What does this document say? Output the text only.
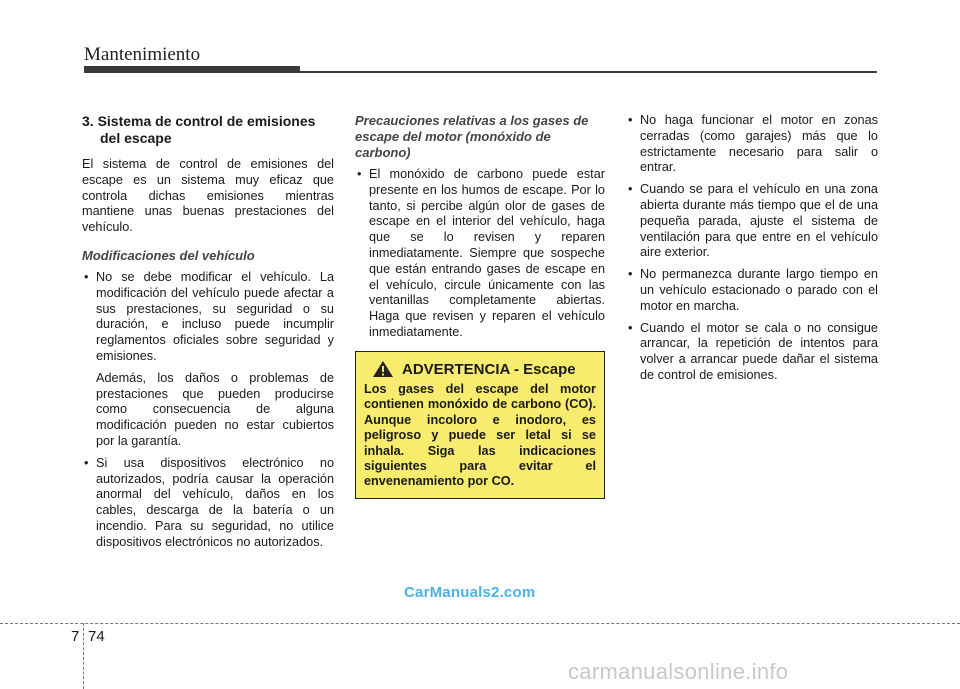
Mantenimiento
3. Sistema de control de emisiones del escape
El sistema de control de emisiones del escape es un sistema muy eficaz que controla dichas emisiones mientras mantiene unas buenas prestaciones del vehículo.
Modificaciones del vehículo
• No se debe modificar el vehículo. La modificación del vehículo puede afectar a sus prestaciones, su seguridad o su duración, e incluso puede incumplir reglamentos oficiales sobre seguridad y emisiones.
Además, los daños o problemas de prestaciones que pueden producirse como consecuencia de alguna modificación pueden no estar cubiertos por la garantía.
• Si usa dispositivos electrónico no autorizados, podría causar la operación anormal del vehículo, daños en los cables, descarga de la batería o un incendio. Para su seguridad, no utilice dispositivos electrónicos no autorizados.
Precauciones relativas a los gases de escape del motor (monóxido de carbono)
• El monóxido de carbono puede estar presente en los humos de escape. Por lo tanto, si percibe algún olor de gases de escape en el interior del vehículo, haga que se lo revisen y reparen inmediatamente. Siempre que sospeche que están entrando gases de escape en el vehículo, circule únicamente con las ventanillas completamente abiertas. Haga que revisen y reparen el vehículo inmediatamente.
ADVERTENCIA - Escape
Los gases del escape del motor contienen monóxido de carbono (CO). Aunque incoloro e inodoro, es peligroso y puede ser letal si se inhala. Siga las indicaciones siguientes para evitar el envenenamiento por CO.
• No haga funcionar el motor en zonas cerradas (como garajes) más que lo estrictamente necesario para salir o entrar.
• Cuando se para el vehículo en una zona abierta durante más tiempo que el de una pequeña parada, ajuste el sistema de ventilación para que entre en el vehículo aire exterior.
• No permanezca durante largo tiempo en un vehículo estacionado o parado con el motor en marcha.
• Cuando el motor se cala o no consigue arrancar, la repetición de intentos para volver a arrancar puede dañar el sistema de control de emisiones.
CarManuals2.com
7 74
carmanualsonline.info
